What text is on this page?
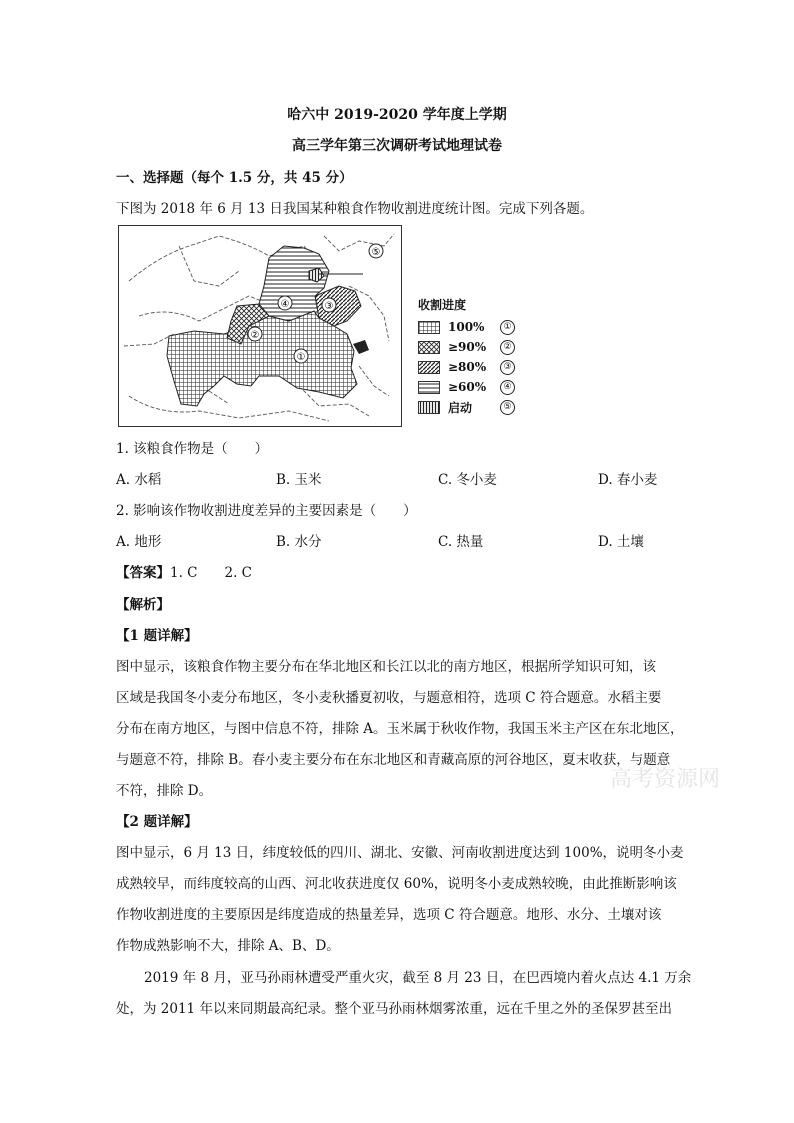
哈六中 2019-2020 学年度上学期
高三学年第三次调研考试地理试卷
一、选择题（每个 1.5 分，共 45 分）
下图为 2018 年 6 月 13 日我国某种粮食作物收割进度统计图。完成下列各题。
①
②
③
④
⑤
收割进度
100%	①
≥90%	②
≥80%	③
≥60%	④
启动	⑤
1. 该粮食作物是（　　）
A. 水稻	B. 玉米	C. 冬小麦	D. 春小麦
2. 影响该作物收割进度差异的主要因素是（　　）
A. 地形	B. 水分	C. 热量	D. 土壤
【答案】1. C　　2. C
【解析】
【1 题详解】
图中显示，该粮食作物主要分布在华北地区和长江以北的南方地区，根据所学知识可知，该
区域是我国冬小麦分布地区，冬小麦秋播夏初收，与题意相符，选项 C 符合题意。水稻主要
分布在南方地区，与图中信息不符，排除 A。玉米属于秋收作物，我国玉米主产区在东北地区，
与题意不符，排除 B。春小麦主要分布在东北地区和青藏高原的河谷地区，夏末收获，与题意
不符，排除 D。
【2 题详解】
图中显示，6 月 13 日，纬度较低的四川、湖北、安徽、河南收割进度达到 100%，说明冬小麦
成熟较早，而纬度较高的山西、河北收获进度仅 60%，说明冬小麦成熟较晚，由此推断影响该
作物收割进度的主要原因是纬度造成的热量差异，选项 C 符合题意。地形、水分、土壤对该
作物成熟影响不大，排除 A、B、D。
2019 年 8 月，亚马孙雨林遭受严重火灾，截至 8 月 23 日，在巴西境内着火点达 4.1 万余
处，为 2011 年以来同期最高纪录。整个亚马孙雨林烟雾浓重，远在千里之外的圣保罗甚至出
高考资源网
